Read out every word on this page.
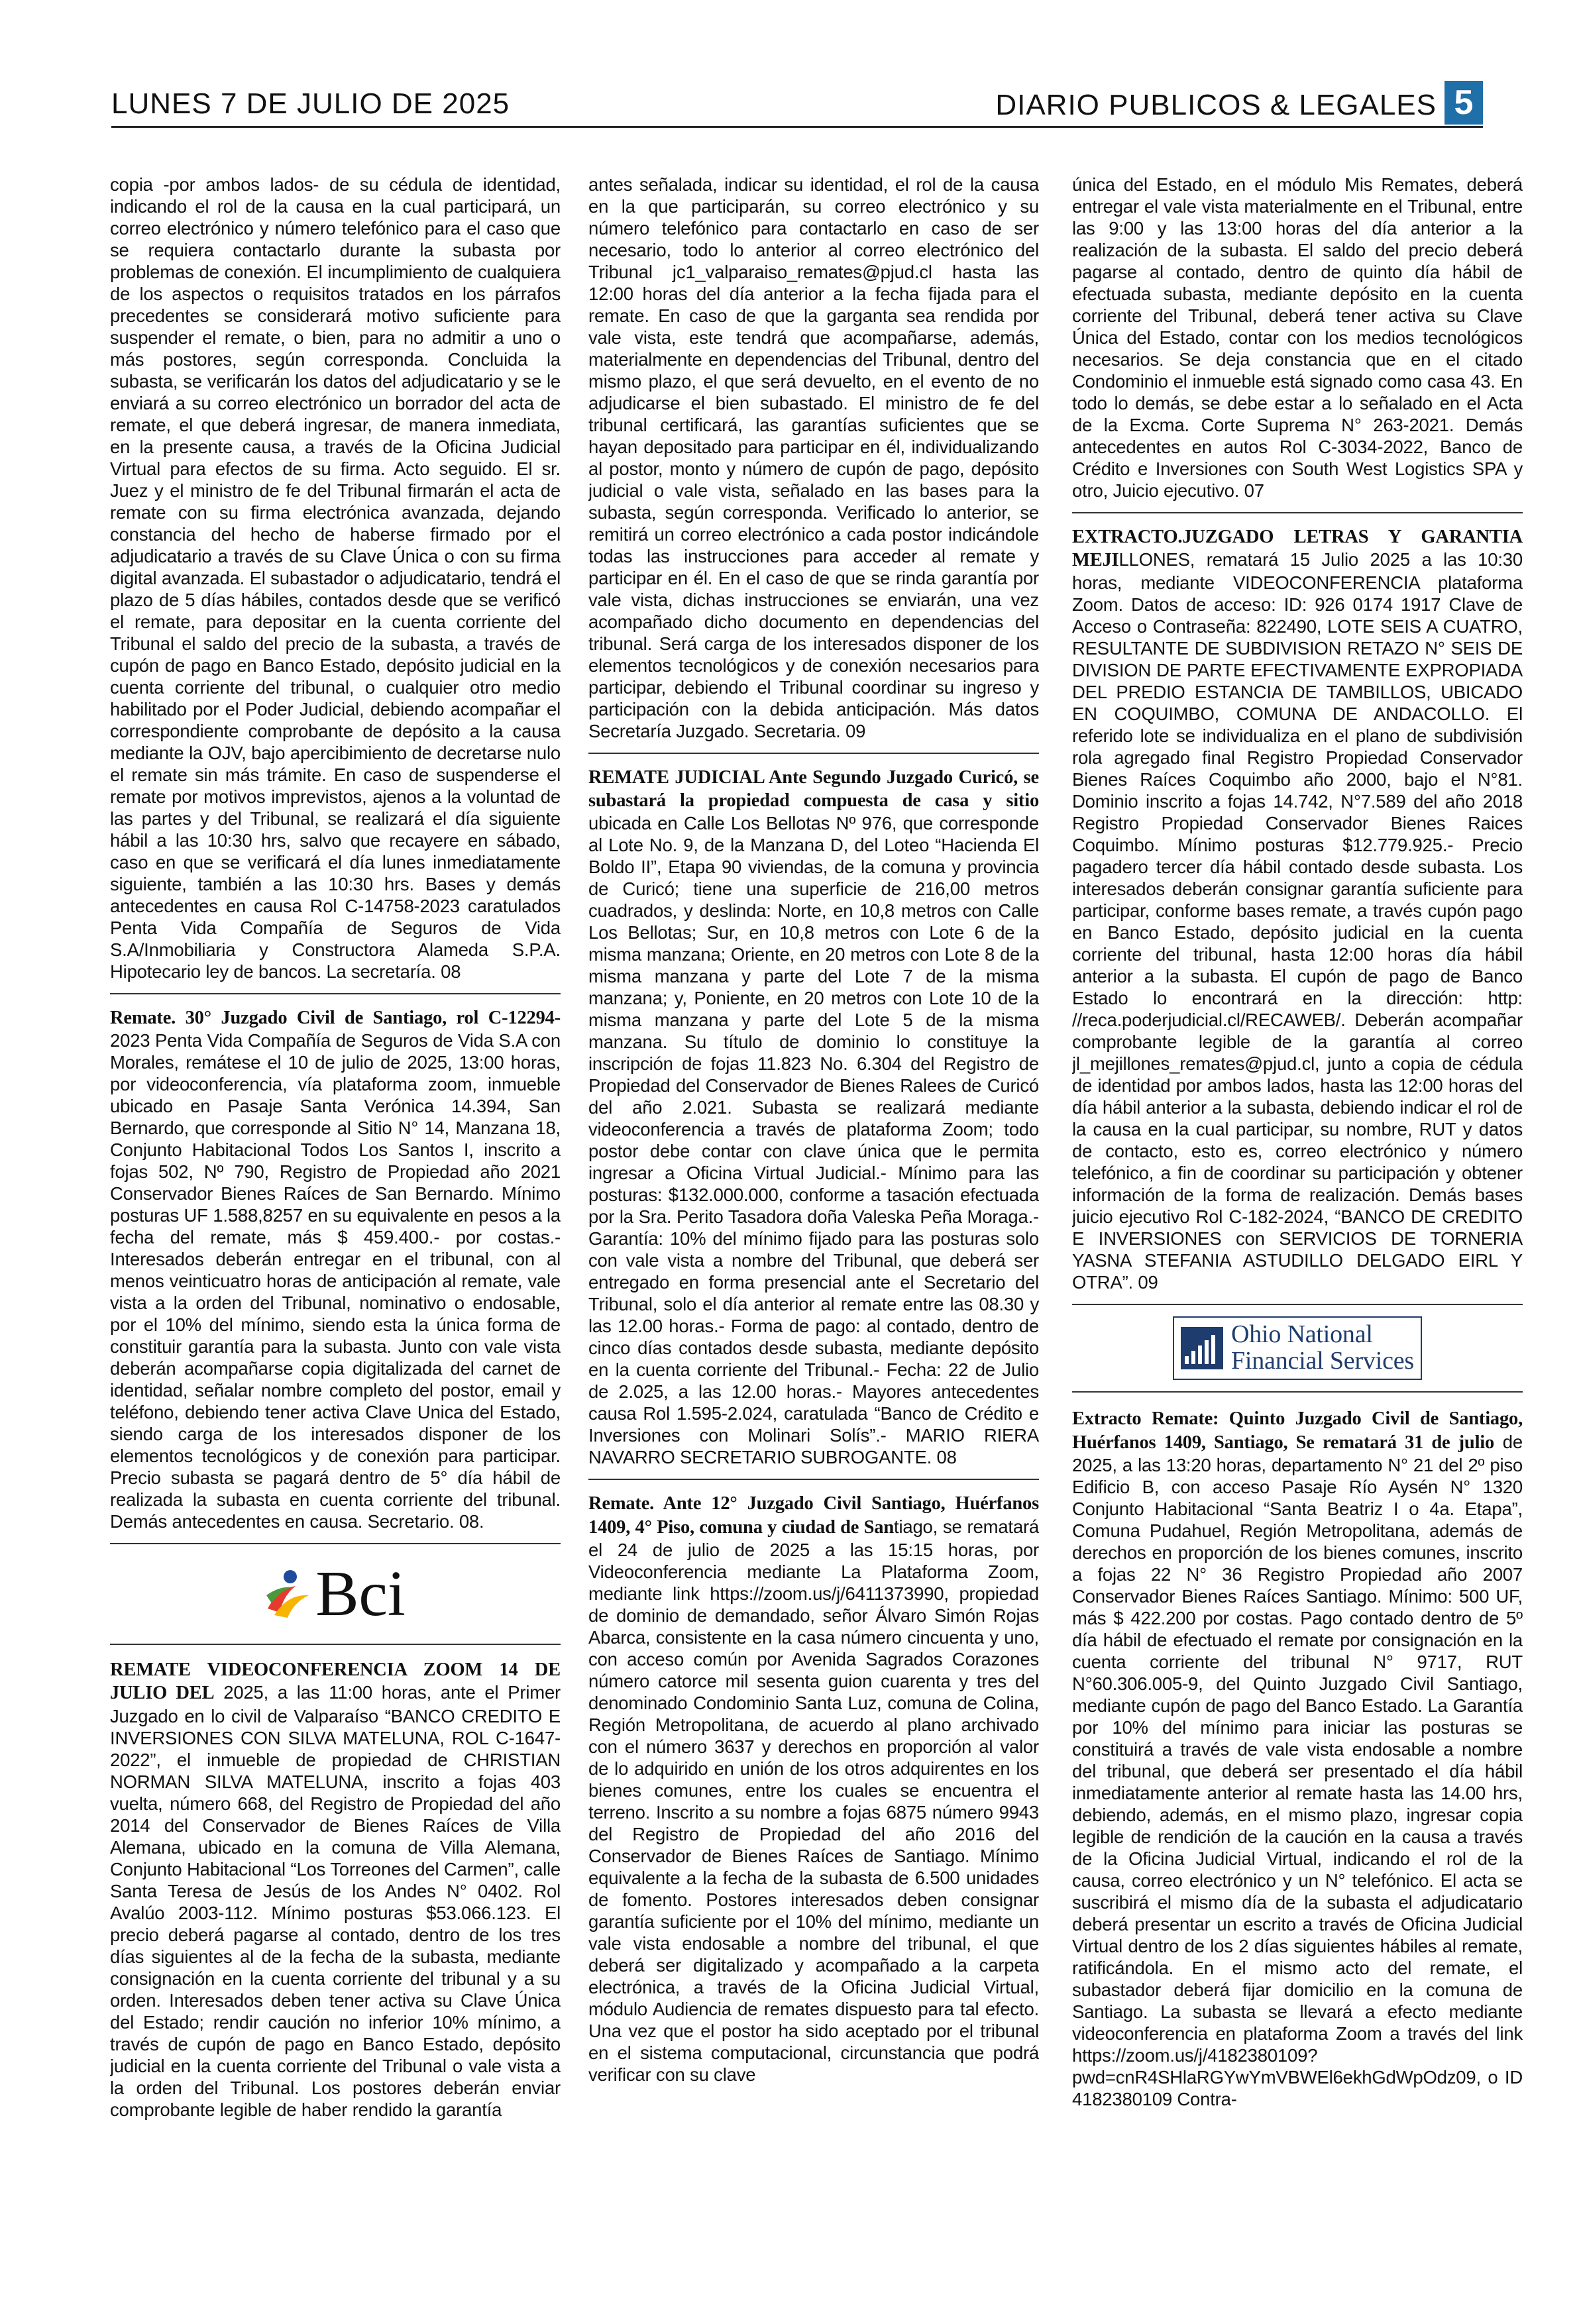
LUNES 7 DE JULIO DE 2025	DIARIO PUBLICOS & LEGALES 5

copia -por ambos lados- de su cédula de identidad, indicando el rol de la causa en la cual participará, un correo electrónico y número telefónico para el caso que se requiera contactarlo durante la subasta por problemas de conexión. El incumplimiento de cualquiera de los aspectos o requisitos tratados en los párrafos precedentes se considerará motivo suficiente para suspender el remate, o bien, para no admitir a uno o más postores, según corresponda. Concluida la subasta, se verificarán los datos del adjudicatario y se le enviará a su correo electrónico un borrador del acta de remate, el que deberá ingresar, de manera inmediata, en la presente causa, a través de la Oficina Judicial Virtual para efectos de su firma. Acto seguido. El sr. Juez y el ministro de fe del Tribunal firmarán el acta de remate con su firma electrónica avanzada, dejando constancia del hecho de haberse firmado por el adjudicatario a través de su Clave Única o con su firma digital avanzada. El subastador o adjudicatario, tendrá el plazo de 5 días hábiles, contados desde que se verificó el remate, para depositar en la cuenta corriente del Tribunal el saldo del precio de la subasta, a través de cupón de pago en Banco Estado, depósito judicial en la cuenta corriente del tribunal, o cualquier otro medio habilitado por el Poder Judicial, debiendo acompañar el correspondiente comprobante de depósito a la causa mediante la OJV, bajo apercibimiento de decretarse nulo el remate sin más trámite. En caso de suspenderse el remate por motivos imprevistos, ajenos a la voluntad de las partes y del Tribunal, se realizará el día siguiente hábil a las 10:30 hrs, salvo que recayere en sábado, caso en que se verificará el día lunes inmediatamente siguiente, también a las 10:30 hrs. Bases y demás antecedentes en causa Rol C-14758-2023 caratulados Penta Vida Compañía de Seguros de Vida S.A/Inmobiliaria y Constructora Alameda S.P.A. Hipotecario ley de bancos. La secretaría. 08

Remate. 30° Juzgado Civil de Santiago, rol C-12294-2023 Penta Vida Compañía de Seguros de Vida S.A con Morales, remátese el 10 de julio de 2025, 13:00 horas, por videoconferencia, vía plataforma zoom, inmueble ubicado en Pasaje Santa Verónica 14.394, San Bernardo, que corresponde al Sitio N° 14, Manzana 18, Conjunto Habitacional Todos Los Santos I, inscrito a fojas 502, Nº 790, Registro de Propiedad año 2021 Conservador Bienes Raíces de San Bernardo. Mínimo posturas UF 1.588,8257 en su equivalente en pesos a la fecha del remate, más $ 459.400.- por costas.- Interesados deberán entregar en el tribunal, con al menos veinticuatro horas de anticipación al remate, vale vista a la orden del Tribunal, nominativo o endosable, por el 10% del mínimo, siendo esta la única forma de constituir garantía para la subasta. Junto con vale vista deberán acompañarse copia digitalizada del carnet de identidad, señalar nombre completo del postor, email y teléfono, debiendo tener activa Clave Unica del Estado, siendo carga de los interesados disponer de los elementos tecnológicos y de conexión para participar. Precio subasta se pagará dentro de 5° día hábil de realizada la subasta en cuenta corriente del tribunal. Demás antecedentes en causa. Secretario. 08.

Bci

REMATE VIDEOCONFERENCIA ZOOM 14 DE JULIO DEL 2025, a las 11:00 horas, ante el Primer Juzgado en lo civil de Valparaíso “BANCO CREDITO E INVERSIONES CON SILVA MATELUNA, ROL C-1647-2022”, el inmueble de propiedad de CHRISTIAN NORMAN SILVA MATELUNA, inscrito a fojas 403 vuelta, número 668, del Registro de Propiedad del año 2014 del Conservador de Bienes Raíces de Villa Alemana, ubicado en la comuna de Villa Alemana, Conjunto Habitacional “Los Torreones del Carmen”, calle Santa Teresa de Jesús de los Andes N° 0402. Rol Avalúo 2003-112. Mínimo posturas $53.066.123. El precio deberá pagarse al contado, dentro de los tres días siguientes al de la fecha de la subasta, mediante consignación en la cuenta corriente del tribunal y a su orden. Interesados deben tener activa su Clave Única del Estado; rendir caución no inferior 10% mínimo, a través de cupón de pago en Banco Estado, depósito judicial en la cuenta corriente del Tribunal o vale vista a la orden del Tribunal. Los postores deberán enviar comprobante legible de haber rendido la garantía

antes señalada, indicar su identidad, el rol de la causa en la que participarán, su correo electrónico y su número telefónico para contactarlo en caso de ser necesario, todo lo anterior al correo electrónico del Tribunal jc1_valparaiso_remates@pjud.cl hasta las 12:00 horas del día anterior a la fecha fijada para el remate. En caso de que la garganta sea rendida por vale vista, este tendrá que acompañarse, además, materialmente en dependencias del Tribunal, dentro del mismo plazo, el que será devuelto, en el evento de no adjudicarse el bien subastado. El ministro de fe del tribunal certificará, las garantías suficientes que se hayan depositado para participar en él, individualizando al postor, monto y número de cupón de pago, depósito judicial o vale vista, señalado en las bases para la subasta, según corresponda. Verificado lo anterior, se remitirá un correo electrónico a cada postor indicándole todas las instrucciones para acceder al remate y participar en él. En el caso de que se rinda garantía por vale vista, dichas instrucciones se enviarán, una vez acompañado dicho documento en dependencias del tribunal. Será carga de los interesados disponer de los elementos tecnológicos y de conexión necesarios para participar, debiendo el Tribunal coordinar su ingreso y participación con la debida anticipación. Más datos Secretaría Juzgado. Secretaria. 09

REMATE JUDICIAL Ante Segundo Juzgado Curicó, se subastará la propiedad compuesta de casa y sitio ubicada en Calle Los Bellotas Nº 976, que corresponde al Lote No. 9, de la Manzana D, del Loteo “Hacienda El Boldo II”, Etapa 90 viviendas, de la comuna y provincia de Curicó; tiene una superficie de 216,00 metros cuadrados, y deslinda: Norte, en 10,8 metros con Calle Los Bellotas; Sur, en 10,8 metros con Lote 6 de la misma manzana; Oriente, en 20 metros con Lote 8 de la misma manzana y parte del Lote 7 de la misma manzana; y, Poniente, en 20 metros con Lote 10 de la misma manzana y parte del Lote 5 de la misma manzana. Su título de dominio lo constituye la inscripción de fojas 11.823 No. 6.304 del Registro de Propiedad del Conservador de Bienes Ralees de Curicó del año 2.021. Subasta se realizará mediante videoconferencia a través de plataforma Zoom; todo postor debe contar con clave única que le permita ingresar a Oficina Virtual Judicial.- Mínimo para las posturas: $132.000.000, conforme a tasación efectuada por la Sra. Perito Tasadora doña Valeska Peña Moraga.- Garantía: 10% del mínimo fijado para las posturas solo con vale vista a nombre del Tribunal, que deberá ser entregado en forma presencial ante el Secretario del Tribunal, solo el día anterior al remate entre las 08.30 y las 12.00 horas.- Forma de pago: al contado, dentro de cinco días contados desde subasta, mediante depósito en la cuenta corriente del Tribunal.- Fecha: 22 de Julio de 2.025, a las 12.00 horas.- Mayores antecedentes causa Rol 1.595-2.024, caratulada “Banco de Crédito e Inversiones con Molinari Solís”.- MARIO RIERA NAVARRO SECRETARIO SUBROGANTE. 08

Remate. Ante 12° Juzgado Civil Santiago, Huérfanos 1409, 4° Piso, comuna y ciudad de Santiago, se rematará el 24 de julio de 2025 a las 15:15 horas, por Videoconferencia mediante La Plataforma Zoom, mediante link https://zoom.us/j/6411373990, propiedad de dominio de demandado, señor Álvaro Simón Rojas Abarca, consistente en la casa número cincuenta y uno, con acceso común por Avenida Sagrados Corazones número catorce mil sesenta guion cuarenta y tres del denominado Condominio Santa Luz, comuna de Colina, Región Metropolitana, de acuerdo al plano archivado con el número 3637 y derechos en proporción al valor de lo adquirido en unión de los otros adquirentes en los bienes comunes, entre los cuales se encuentra el terreno. Inscrito a su nombre a fojas 6875 número 9943 del Registro de Propiedad del año 2016 del Conservador de Bienes Raíces de Santiago. Mínimo equivalente a la fecha de la subasta de 6.500 unidades de fomento. Postores interesados deben consignar garantía suficiente por el 10% del mínimo, mediante un vale vista endosable a nombre del tribunal, el que deberá ser digitalizado y acompañado a la carpeta electrónica, a través de la Oficina Judicial Virtual, módulo Audiencia de remates dispuesto para tal efecto. Una vez que el postor ha sido aceptado por el tribunal en el sistema computacional, circunstancia que podrá verificar con su clave

única del Estado, en el módulo Mis Remates, deberá entregar el vale vista materialmente en el Tribunal, entre las 9:00 y las 13:00 horas del día anterior a la realización de la subasta. El saldo del precio deberá pagarse al contado, dentro de quinto día hábil de efectuada subasta, mediante depósito en la cuenta corriente del Tribunal, deberá tener activa su Clave Única del Estado, contar con los medios tecnológicos necesarios. Se deja constancia que en el citado Condominio el inmueble está signado como casa 43. En todo lo demás, se debe estar a lo señalado en el Acta de la Excma. Corte Suprema N° 263-2021. Demás antecedentes en autos Rol C-3034-2022, Banco de Crédito e Inversiones con South West Logistics SPA y otro, Juicio ejecutivo. 07

EXTRACTO.JUZGADO LETRAS Y GARANTIA MEJILLONES, rematará 15 Julio 2025 a las 10:30 horas, mediante VIDEOCONFERENCIA plataforma Zoom. Datos de acceso: ID: 926 0174 1917 Clave de Acceso o Contraseña: 822490, LOTE SEIS A CUATRO, RESULTANTE DE SUBDIVISION RETAZO N° SEIS DE DIVISION DE PARTE EFECTIVAMENTE EXPROPIADA DEL PREDIO ESTANCIA DE TAMBILLOS, UBICADO EN COQUIMBO, COMUNA DE ANDACOLLO. El referido lote se individualiza en el plano de subdivisión rola agregado final Registro Propiedad Conservador Bienes Raíces Coquimbo año 2000, bajo el N°81. Dominio inscrito a fojas 14.742, N°7.589 del año 2018 Registro Propiedad Conservador Bienes Raices Coquimbo. Mínimo posturas $12.779.925.- Precio pagadero tercer día hábil contado desde subasta. Los interesados deberán consignar garantía suficiente para participar, conforme bases remate, a través cupón pago en Banco Estado, depósito judicial en la cuenta corriente del tribunal, hasta 12:00 horas día hábil anterior a la subasta. El cupón de pago de Banco Estado lo encontrará en la dirección: http: //reca.poderjudicial.cl/RECAWEB/. Deberán acompañar comprobante legible de la garantía al correo jl_mejillones_remates@pjud.cl, junto a copia de cédula de identidad por ambos lados, hasta las 12:00 horas del día hábil anterior a la subasta, debiendo indicar el rol de la causa en la cual participar, su nombre, RUT y datos de contacto, esto es, correo electrónico y número telefónico, a fin de coordinar su participación y obtener información de la forma de realización. Demás bases juicio ejecutivo Rol C-182-2024, “BANCO DE CREDITO E INVERSIONES con SERVICIOS DE TORNERIA YASNA STEFANIA ASTUDILLO DELGADO EIRL Y OTRA”. 09

Ohio National
Financial Services

Extracto Remate: Quinto Juzgado Civil de Santiago, Huérfanos 1409, Santiago, Se rematará 31 de julio de 2025, a las 13:20 horas, departamento N° 21 del 2º piso Edificio B, con acceso Pasaje Río Aysén N° 1320 Conjunto Habitacional “Santa Beatriz I o 4a. Etapa”, Comuna Pudahuel, Región Metropolitana, además de derechos en proporción de los bienes comunes, inscrito a fojas 22 N° 36 Registro Propiedad año 2007 Conservador Bienes Raíces Santiago. Mínimo: 500 UF, más $ 422.200 por costas. Pago contado dentro de 5º día hábil de efectuado el remate por consignación en la cuenta corriente del tribunal N° 9717, RUT N°60.306.005-9, del Quinto Juzgado Civil Santiago, mediante cupón de pago del Banco Estado. La Garantía por 10% del mínimo para iniciar las posturas se constituirá a través de vale vista endosable a nombre del tribunal, que deberá ser presentado el día hábil inmediatamente anterior al remate hasta las 14.00 hrs, debiendo, además, en el mismo plazo, ingresar copia legible de rendición de la caución en la causa a través de la Oficina Judicial Virtual, indicando el rol de la causa, correo electrónico y un N° telefónico. El acta se suscribirá el mismo día de la subasta el adjudicatario deberá presentar un escrito a través de Oficina Judicial Virtual dentro de los 2 días siguientes hábiles al remate, ratificándola. En el mismo acto del remate, el subastador deberá fijar domicilio en la comuna de Santiago. La subasta se llevará a efecto mediante videoconferencia en plataforma Zoom a través del link https://zoom.us/j/4182380109?pwd=cnR4SHlaRGYwYmVBWEl6ekhGdWpOdz09, o ID 4182380109 Contra-
